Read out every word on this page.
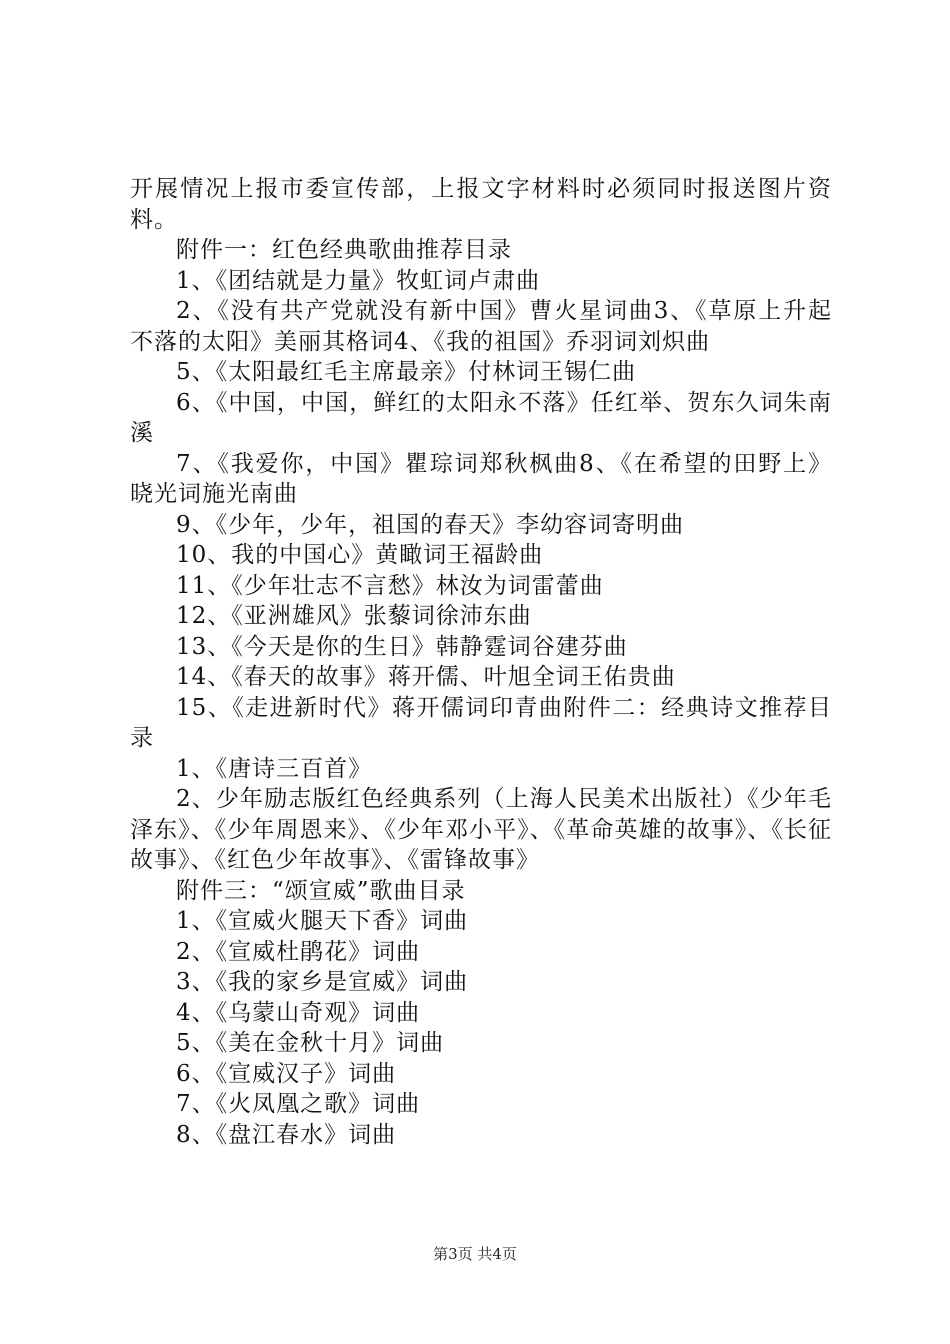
开展情况上报市委宣传部，上报文字材料时必须同时报送图片资料。

附件一：红色经典歌曲推荐目录

1、《团结就是力量》牧虹词卢肃曲

2、《没有共产党就没有新中国》曹火星词曲3、《草原上升起不落的太阳》美丽其格词4、《我的祖国》乔羽词刘炽曲

5、《太阳最红毛主席最亲》付林词王锡仁曲

6、《中国，中国，鲜红的太阳永不落》任红举、贺东久词朱南溪

7、《我爱你，中国》瞿琮词郑秋枫曲8、《在希望的田野上》晓光词施光南曲

9、《少年，少年，祖国的春天》李幼容词寄明曲

10、我的中国心》黄瞰词王福龄曲

11、《少年壮志不言愁》林汝为词雷蕾曲

12、《亚洲雄风》张藜词徐沛东曲

13、《今天是你的生日》韩静霆词谷建芬曲

14、《春天的故事》蒋开儒、叶旭全词王佑贵曲

15、《走进新时代》蒋开儒词印青曲附件二：经典诗文推荐目录

1、《唐诗三百首》

2、少年励志版红色经典系列（上海人民美术出版社）《少年毛泽东》、《少年周恩来》、《少年邓小平》、《革命英雄的故事》、《长征故事》、《红色少年故事》、《雷锋故事》

附件三：“颂宣威”歌曲目录

1、《宣威火腿天下香》词曲

2、《宣威杜鹃花》词曲

3、《我的家乡是宣威》词曲

4、《乌蒙山奇观》词曲

5、《美在金秋十月》词曲

6、《宣威汉子》词曲

7、《火凤凰之歌》词曲

8、《盘江春水》词曲

第3页 共4页
